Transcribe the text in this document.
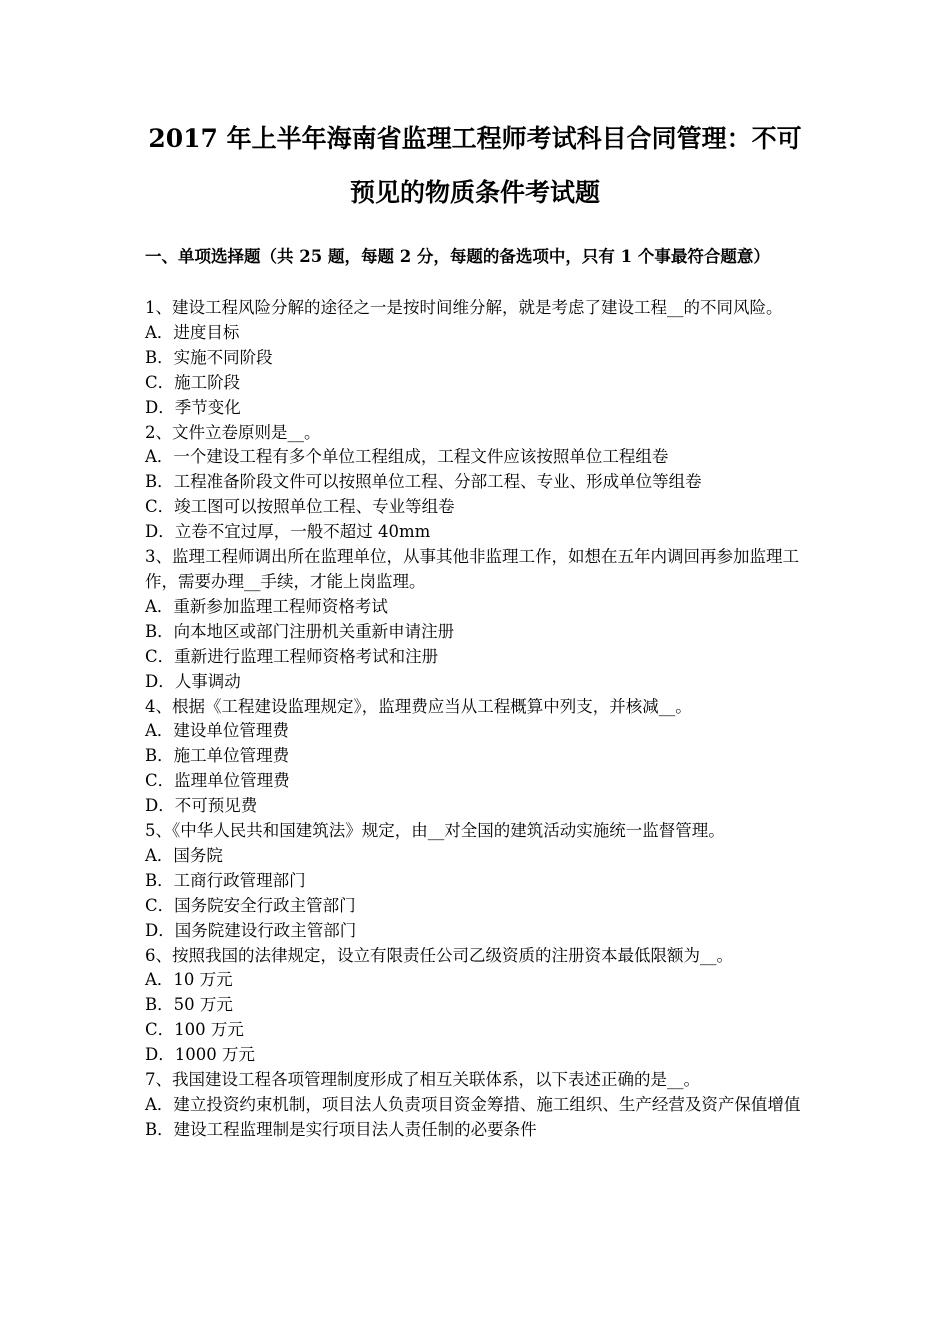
2017 年上半年海南省监理工程师考试科目合同管理：不可
预见的物质条件考试题

一、单项选择题（共 25 题，每题 2 分，每题的备选项中，只有 1 个事最符合题意）

1、建设工程风险分解的途径之一是按时间维分解，就是考虑了建设工程__的不同风险。

A．进度目标

B．实施不同阶段

C．施工阶段

D．季节变化

2、文件立卷原则是__。

A．一个建设工程有多个单位工程组成，工程文件应该按照单位工程组卷

B．工程准备阶段文件可以按照单位工程、分部工程、专业、形成单位等组卷

C．竣工图可以按照单位工程、专业等组卷

D．立卷不宜过厚，一般不超过 40mm

3、监理工程师调出所在监理单位，从事其他非监理工作，如想在五年内调回再参加监理工作，需要办理__手续，才能上岗监理。

A．重新参加监理工程师资格考试

B．向本地区或部门注册机关重新申请注册

C．重新进行监理工程师资格考试和注册

D．人事调动

4、根据《工程建设监理规定》，监理费应当从工程概算中列支，并核减__。

A．建设单位管理费

B．施工单位管理费

C．监理单位管理费

D．不可预见费

5、《中华人民共和国建筑法》规定，由__对全国的建筑活动实施统一监督管理。

A．国务院

B．工商行政管理部门

C．国务院安全行政主管部门

D．国务院建设行政主管部门

6、按照我国的法律规定，设立有限责任公司乙级资质的注册资本最低限额为__。

A．10 万元

B．50 万元

C．100 万元

D．1000 万元

7、我国建设工程各项管理制度形成了相互关联体系，以下表述正确的是__。

A．建立投资约束机制，项目法人负责项目资金筹措、施工组织、生产经营及资产保值增值

B．建设工程监理制是实行项目法人责任制的必要条件
